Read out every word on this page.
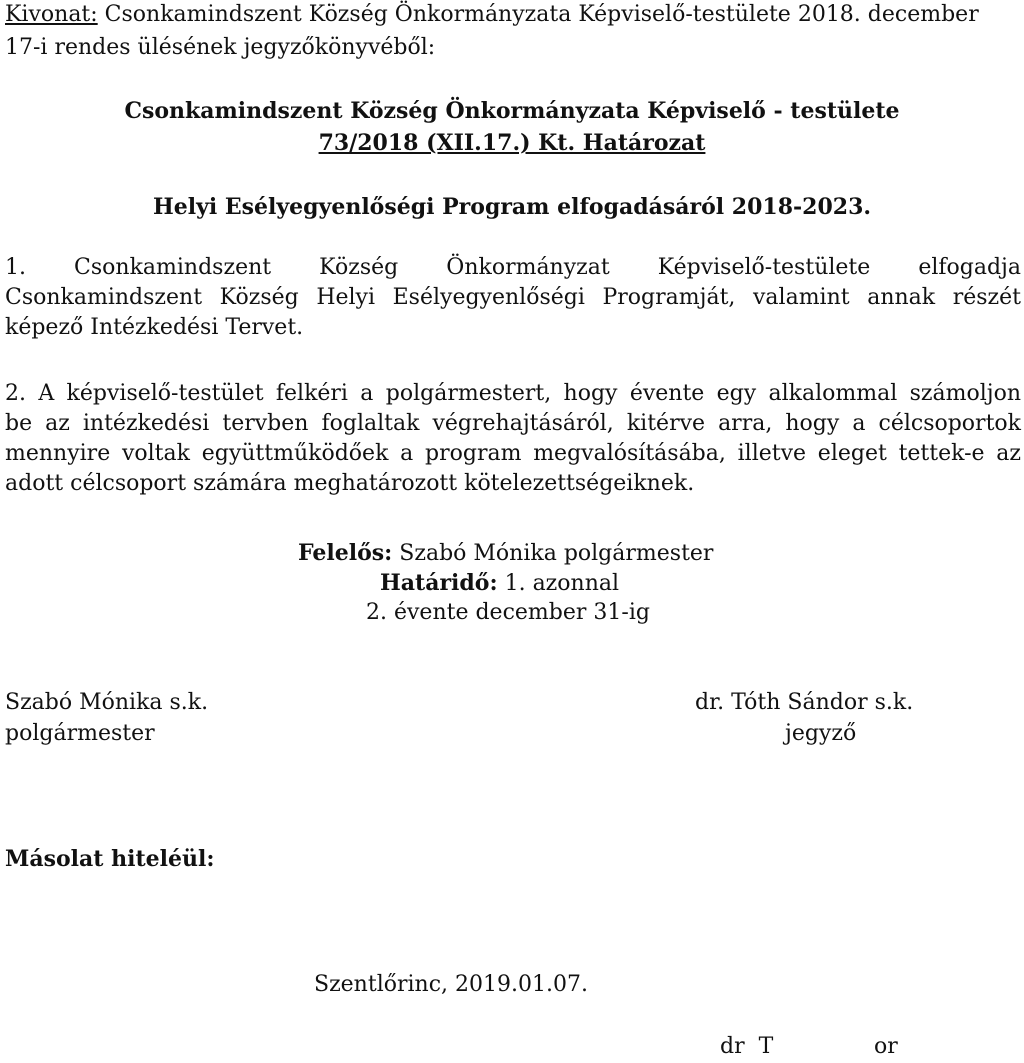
Kivonat: Csonkamindszent Község Önkormányzata Képviselő-testülete 2018. december
17-i rendes ülésének jegyzőkönyvéből:
Csonkamindszent Község Önkormányzata Képviselő - testülete
73/2018 (XII.17.) Kt. Határozat
Helyi Esélyegyenlőségi Program elfogadásáról 2018-2023.
1. Csonkamindszent Község Önkormányzat Képviselő-testülete elfogadja
Csonkamindszent Község Helyi Esélyegyenlőségi Programját, valamint annak részét
képező Intézkedési Tervet.
2. A képviselő-testület felkéri a polgármestert, hogy évente egy alkalommal számoljon
be az intézkedési tervben foglaltak végrehajtásáról, kitérve arra, hogy a célcsoportok
mennyire voltak együttműködőek a program megvalósításába, illetve eleget tettek-e az
adott célcsoport számára meghatározott kötelezettségeiknek.
Felelős: Szabó Mónika polgármester
Határidő: 1. azonnal
2. évente december 31-ig
Szabó Mónika s.k.
polgármester
dr. Tóth Sándor s.k.
jegyző
Másolat hiteléül:
Szentlőrinc, 2019.01.07.
dr  T	or
